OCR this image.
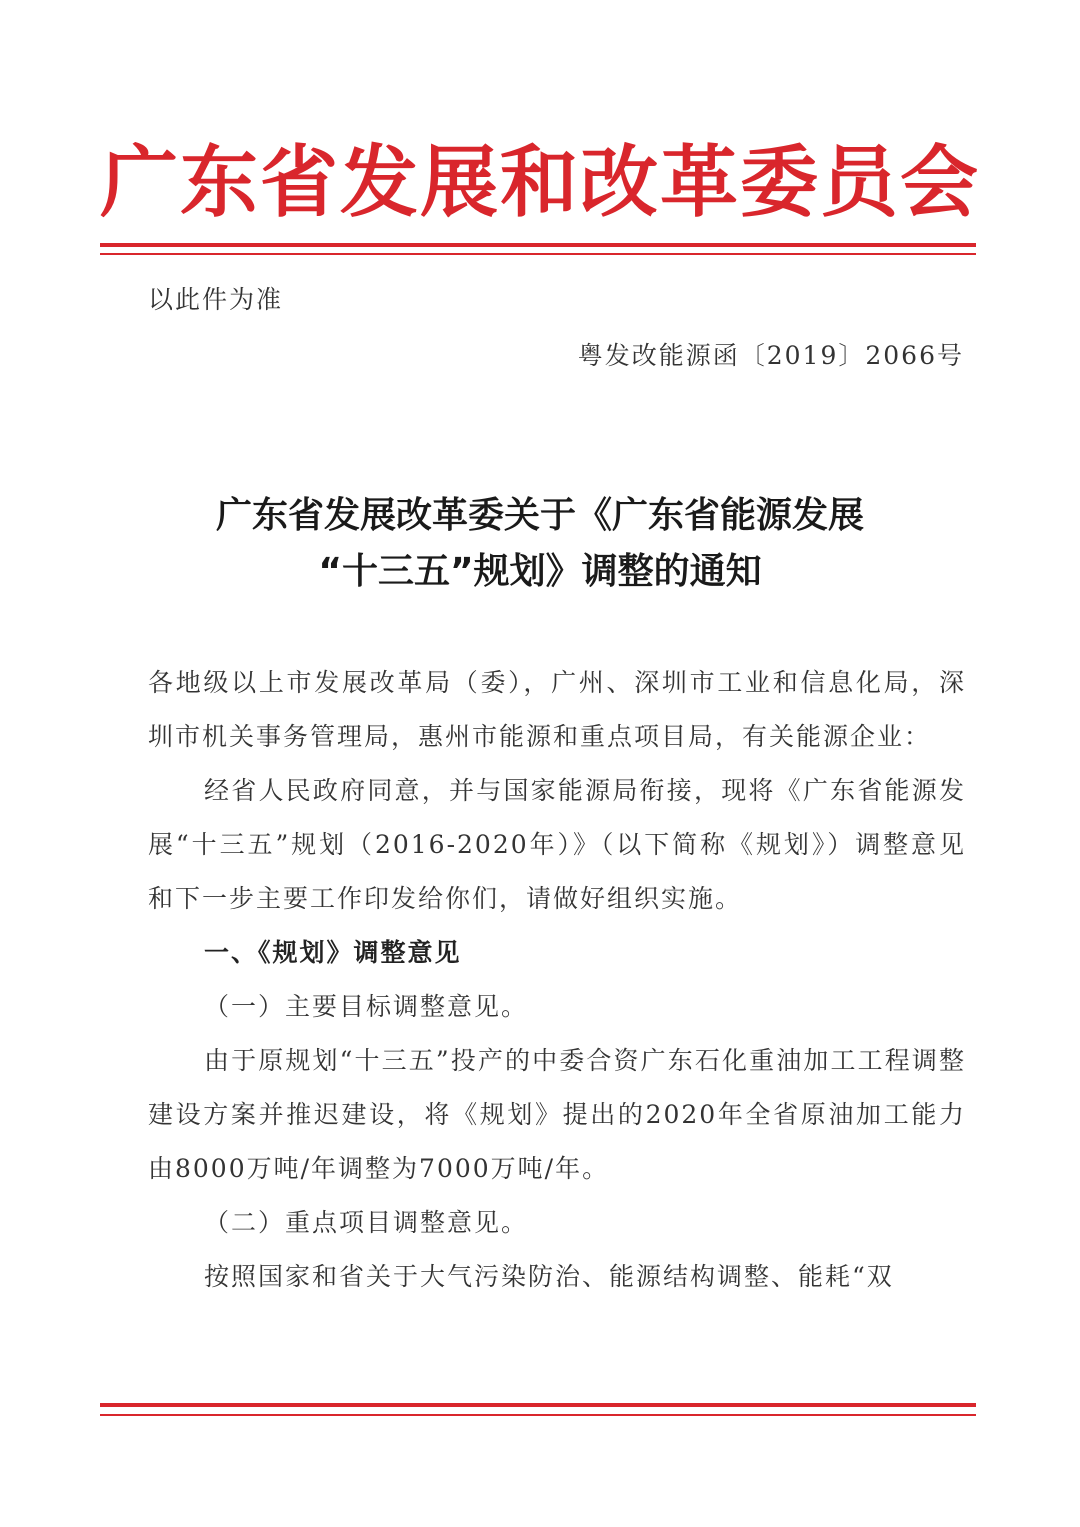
广东省发展和改革委员会
以此件为准
粤发改能源函〔2019〕2066号
广东省发展改革委关于《广东省能源发展
“十三五”规划》调整的通知

各地级以上市发展改革局（委），广州、深圳市工业和信息化局，深圳市机关事务管理局，惠州市能源和重点项目局，有关能源企业：

经省人民政府同意，并与国家能源局衔接，现将《广东省能源发展“十三五”规划（2016-2020年）》（以下简称《规划》）调整意见和下一步主要工作印发给你们，请做好组织实施。

一、《规划》调整意见

（一）主要目标调整意见。

由于原规划“十三五”投产的中委合资广东石化重油加工工程调整建设方案并推迟建设，将《规划》提出的2020年全省原油加工能力由8000万吨/年调整为7000万吨/年。

（二）重点项目调整意见。

按照国家和省关于大气污染防治、能源结构调整、能耗“双
